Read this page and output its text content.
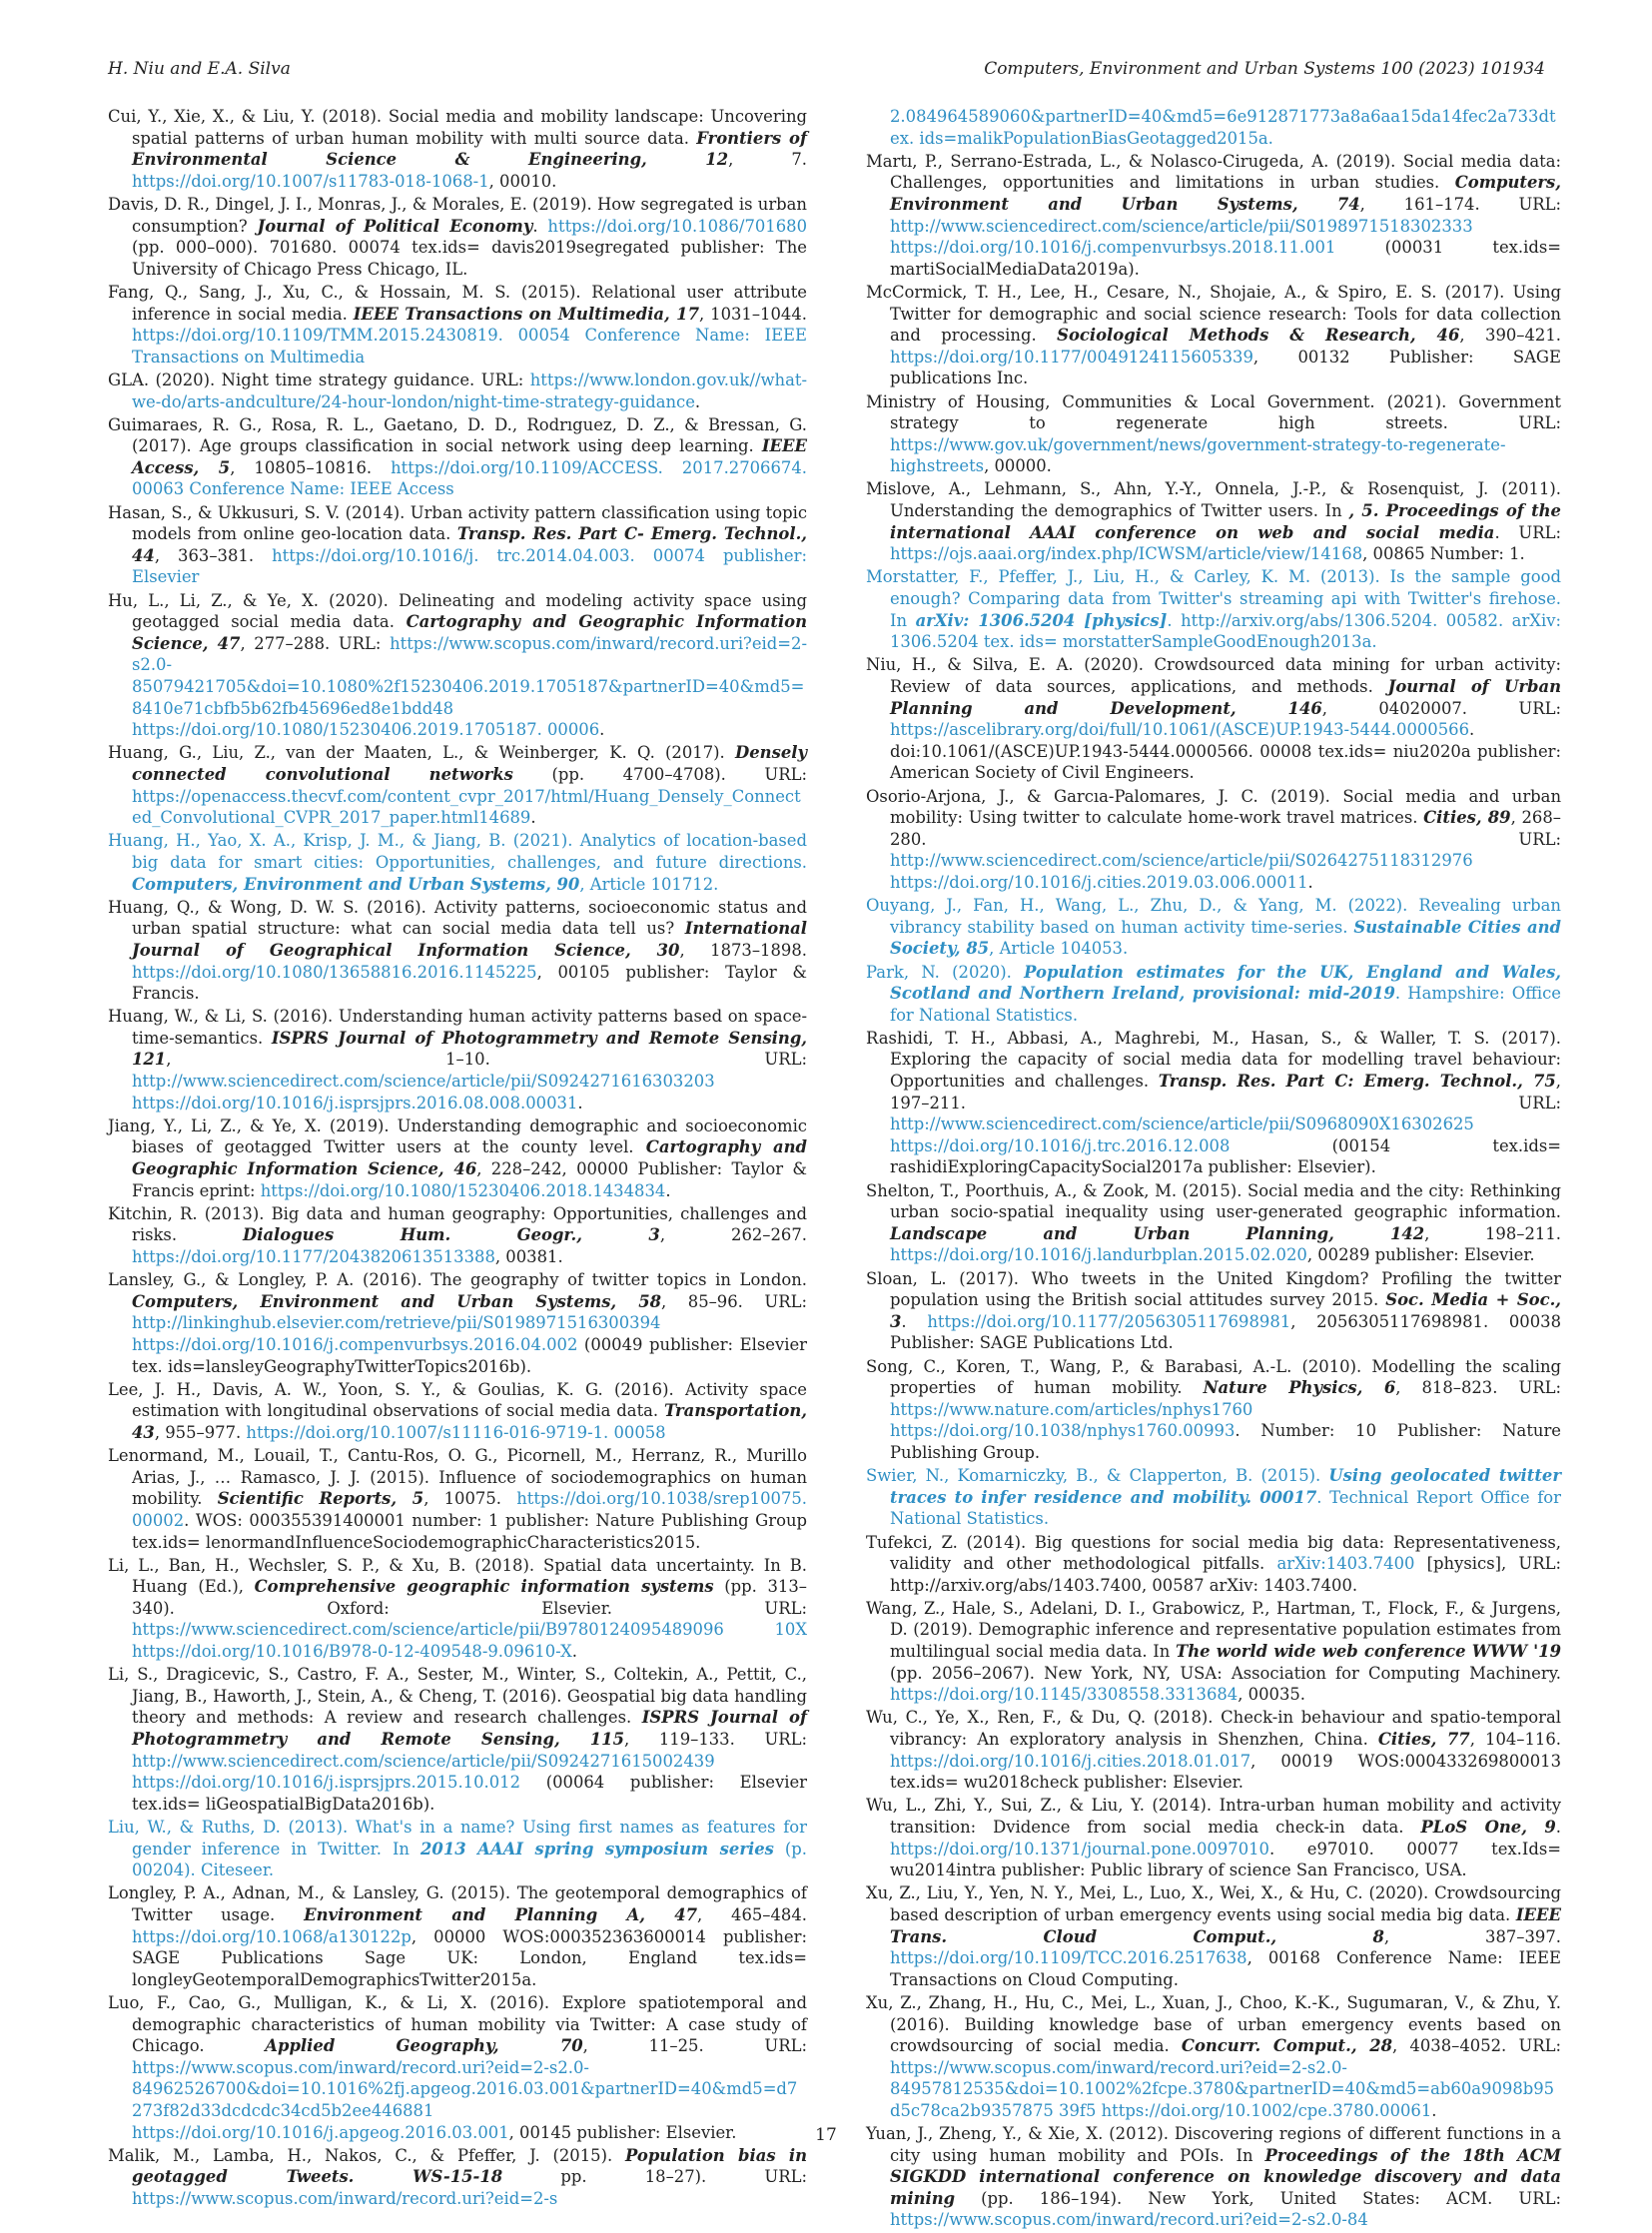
H. Niu and E.A. Silva	Computers, Environment and Urban Systems 100 (2023) 101934
Cui, Y., Xie, X., & Liu, Y. (2018). Social media and mobility landscape: Uncovering spatial patterns of urban human mobility with multi source data. Frontiers of Environmental Science & Engineering, 12, 7. https://doi.org/10.1007/s11783-018-1068-1, 00010.
Davis, D. R., Dingel, J. I., Monras, J., & Morales, E. (2019). How segregated is urban consumption? Journal of Political Economy. https://doi.org/10.1086/701680 (pp. 000–000). 701680. 00074 tex.ids= davis2019segregated publisher: The University of Chicago Press Chicago, IL.
Fang, Q., Sang, J., Xu, C., & Hossain, M. S. (2015). Relational user attribute inference in social media. IEEE Transactions on Multimedia, 17, 1031–1044. https://doi.org/10.1109/TMM.2015.2430819. 00054 Conference Name: IEEE Transactions on Multimedia
GLA. (2020). Night time strategy guidance. URL: https://www.london.gov.uk//what-we-do/arts-andculture/24-hour-london/night-time-strategy-guidance.
Guimaraes, R. G., Rosa, R. L., Gaetano, D. D., Rodrıguez, D. Z., & Bressan, G. (2017). Age groups classification in social network using deep learning. IEEE Access, 5, 10805–10816. https://doi.org/10.1109/ACCESS. 2017.2706674. 00063 Conference Name: IEEE Access
Hasan, S., & Ukkusuri, S. V. (2014). Urban activity pattern classification using topic models from online geo-location data. Transp. Res. Part C- Emerg. Technol., 44, 363–381. https://doi.org/10.1016/j. trc.2014.04.003. 00074 publisher: Elsevier
Hu, L., Li, Z., & Ye, X. (2020). Delineating and modeling activity space using geotagged social media data. Cartography and Geographic Information Science, 47, 277–288. URL: https://www.scopus.com/inward/record.uri?eid=2-s2.0-85079421705&doi=10.1080%2f15230406.2019.1705187&partnerID=40&md5=8410e71cbfb5b62fb45696ed8e1bdd48 https://doi.org/10.1080/15230406.2019.1705187. 00006.
Huang, G., Liu, Z., van der Maaten, L., & Weinberger, K. Q. (2017). Densely connected convolutional networks (pp. 4700–4708). URL: https://openaccess.thecvf.com/content_cvpr_2017/html/Huang_Densely_Connected_Convolutional_CVPR_2017_paper.html14689.
Huang, H., Yao, X. A., Krisp, J. M., & Jiang, B. (2021). Analytics of location-based big data for smart cities: Opportunities, challenges, and future directions. Computers, Environment and Urban Systems, 90, Article 101712.
Huang, Q., & Wong, D. W. S. (2016). Activity patterns, socioeconomic status and urban spatial structure: what can social media data tell us? International Journal of Geographical Information Science, 30, 1873–1898. https://doi.org/10.1080/13658816.2016.1145225, 00105 publisher: Taylor & Francis.
Huang, W., & Li, S. (2016). Understanding human activity patterns based on space-time-semantics. ISPRS Journal of Photogrammetry and Remote Sensing, 121, 1–10. URL: http://www.sciencedirect.com/science/article/pii/S0924271616303203 https://doi.org/10.1016/j.isprsjprs.2016.08.008.00031.
Jiang, Y., Li, Z., & Ye, X. (2019). Understanding demographic and socioeconomic biases of geotagged Twitter users at the county level. Cartography and Geographic Information Science, 46, 228–242, 00000 Publisher: Taylor & Francis eprint: https://doi.org/10.1080/15230406.2018.1434834.
Kitchin, R. (2013). Big data and human geography: Opportunities, challenges and risks. Dialogues Hum. Geogr., 3, 262–267. https://doi.org/10.1177/2043820613513388, 00381.
Lansley, G., & Longley, P. A. (2016). The geography of twitter topics in London. Computers, Environment and Urban Systems, 58, 85–96. URL: http://linkinghub.elsevier.com/retrieve/pii/S0198971516300394 https://doi.org/10.1016/j.compenvurbsys.2016.04.002 (00049 publisher: Elsevier tex. ids=lansleyGeographyTwitterTopics2016b).
Lee, J. H., Davis, A. W., Yoon, S. Y., & Goulias, K. G. (2016). Activity space estimation with longitudinal observations of social media data. Transportation, 43, 955–977. https://doi.org/10.1007/s11116-016-9719-1. 00058
Lenormand, M., Louail, T., Cantu-Ros, O. G., Picornell, M., Herranz, R., Murillo Arias, J., … Ramasco, J. J. (2015). Influence of sociodemographics on human mobility. Scientific Reports, 5, 10075. https://doi.org/10.1038/srep10075. 00002. WOS: 000355391400001 number: 1 publisher: Nature Publishing Group tex.ids= lenormandInfluenceSociodemographicCharacteristics2015.
Li, L., Ban, H., Wechsler, S. P., & Xu, B. (2018). Spatial data uncertainty. In B. Huang (Ed.), Comprehensive geographic information systems (pp. 313–340). Oxford: Elsevier. URL: https://www.sciencedirect.com/science/article/pii/B9780124095489096 10X https://doi.org/10.1016/B978-0-12-409548-9.09610-X.
Li, S., Dragicevic, S., Castro, F. A., Sester, M., Winter, S., Coltekin, A., Pettit, C., Jiang, B., Haworth, J., Stein, A., & Cheng, T. (2016). Geospatial big data handling theory and methods: A review and research challenges. ISPRS Journal of Photogrammetry and Remote Sensing, 115, 119–133. URL: http://www.sciencedirect.com/science/article/pii/S0924271615002439 https://doi.org/10.1016/j.isprsjprs.2015.10.012 (00064 publisher: Elsevier tex.ids= liGeospatialBigData2016b).
Liu, W., & Ruths, D. (2013). What's in a name? Using first names as features for gender inference in Twitter. In 2013 AAAI spring symposium series (p. 00204). Citeseer.
Longley, P. A., Adnan, M., & Lansley, G. (2015). The geotemporal demographics of Twitter usage. Environment and Planning A, 47, 465–484. https://doi.org/10.1068/a130122p, 00000 WOS:000352363600014 publisher: SAGE Publications Sage UK: London, England tex.ids= longleyGeotemporalDemographicsTwitter2015a.
Luo, F., Cao, G., Mulligan, K., & Li, X. (2016). Explore spatiotemporal and demographic characteristics of human mobility via Twitter: A case study of Chicago. Applied Geography, 70, 11–25. URL: https://www.scopus.com/inward/record.uri?eid=2-s2.0-84962526700&doi=10.1016%2fj.apgeog.2016.03.001&partnerID=40&md5=d7273f82d33dcdcdc34cd5b2ee446881 https://doi.org/10.1016/j.apgeog.2016.03.001, 00145 publisher: Elsevier.
Malik, M., Lamba, H., Nakos, C., & Pfeffer, J. (2015). Population bias in geotagged Tweets. WS-15-18 pp. 18–27). URL: https://www.scopus.com/inward/record.uri?eid=2-s
2.084964589060&partnerID=40&md5=6e912871773a8a6aa15da14fec2a733dtex. ids=malikPopulationBiasGeotagged2015a.
Martı, P., Serrano-Estrada, L., & Nolasco-Cirugeda, A. (2019). Social media data: Challenges, opportunities and limitations in urban studies. Computers, Environment and Urban Systems, 74, 161–174. URL: http://www.sciencedirect.com/science/article/pii/S0198971518302333 https://doi.org/10.1016/j.compenvurbsys.2018.11.001 (00031 tex.ids= martiSocialMediaData2019a).
McCormick, T. H., Lee, H., Cesare, N., Shojaie, A., & Spiro, E. S. (2017). Using Twitter for demographic and social science research: Tools for data collection and processing. Sociological Methods & Research, 46, 390–421. https://doi.org/10.1177/0049124115605339, 00132 Publisher: SAGE publications Inc.
Ministry of Housing, Communities & Local Government. (2021). Government strategy to regenerate high streets. URL: https://www.gov.uk/government/news/government-strategy-to-regenerate-highstreets, 00000.
Mislove, A., Lehmann, S., Ahn, Y.-Y., Onnela, J.-P., & Rosenquist, J. (2011). Understanding the demographics of Twitter users. In , 5. Proceedings of the international AAAI conference on web and social media. URL: https://ojs.aaai.org/index.php/ICWSM/article/view/14168, 00865 Number: 1.
Morstatter, F., Pfeffer, J., Liu, H., & Carley, K. M. (2013). Is the sample good enough? Comparing data from Twitter's streaming api with Twitter's firehose. In arXiv: 1306.5204 [physics]. http://arxiv.org/abs/1306.5204. 00582. arXiv: 1306.5204 tex. ids= morstatterSampleGoodEnough2013a.
Niu, H., & Silva, E. A. (2020). Crowdsourced data mining for urban activity: Review of data sources, applications, and methods. Journal of Urban Planning and Development, 146, 04020007. URL: https://ascelibrary.org/doi/full/10.1061/(ASCE)UP.1943-5444.0000566. doi:10.1061/(ASCE)UP.1943-5444.0000566. 00008 tex.ids= niu2020a publisher: American Society of Civil Engineers.
Osorio-Arjona, J., & Garcıa-Palomares, J. C. (2019). Social media and urban mobility: Using twitter to calculate home-work travel matrices. Cities, 89, 268–280. URL: http://www.sciencedirect.com/science/article/pii/S0264275118312976 https://doi.org/10.1016/j.cities.2019.03.006.00011.
Ouyang, J., Fan, H., Wang, L., Zhu, D., & Yang, M. (2022). Revealing urban vibrancy stability based on human activity time-series. Sustainable Cities and Society, 85, Article 104053.
Park, N. (2020). Population estimates for the UK, England and Wales, Scotland and Northern Ireland, provisional: mid-2019. Hampshire: Office for National Statistics.
Rashidi, T. H., Abbasi, A., Maghrebi, M., Hasan, S., & Waller, T. S. (2017). Exploring the capacity of social media data for modelling travel behaviour: Opportunities and challenges. Transp. Res. Part C: Emerg. Technol., 75, 197–211. URL: http://www.sciencedirect.com/science/article/pii/S0968090X16302625 https://doi.org/10.1016/j.trc.2016.12.008 (00154 tex.ids= rashidiExploringCapacitySocial2017a publisher: Elsevier).
Shelton, T., Poorthuis, A., & Zook, M. (2015). Social media and the city: Rethinking urban socio-spatial inequality using user-generated geographic information. Landscape and Urban Planning, 142, 198–211. https://doi.org/10.1016/j.landurbplan.2015.02.020, 00289 publisher: Elsevier.
Sloan, L. (2017). Who tweets in the United Kingdom? Profiling the twitter population using the British social attitudes survey 2015. Soc. Media + Soc., 3. https://doi.org/10.1177/2056305117698981, 2056305117698981. 00038 Publisher: SAGE Publications Ltd.
Song, C., Koren, T., Wang, P., & Barabasi, A.-L. (2010). Modelling the scaling properties of human mobility. Nature Physics, 6, 818–823. URL: https://www.nature.com/articles/nphys1760 https://doi.org/10.1038/nphys1760.00993. Number: 10 Publisher: Nature Publishing Group.
Swier, N., Komarniczky, B., & Clapperton, B. (2015). Using geolocated twitter traces to infer residence and mobility. 00017. Technical Report Office for National Statistics.
Tufekci, Z. (2014). Big questions for social media big data: Representativeness, validity and other methodological pitfalls. arXiv:1403.7400 [physics], URL: http://arxiv.org/abs/1403.7400, 00587 arXiv: 1403.7400.
Wang, Z., Hale, S., Adelani, D. I., Grabowicz, P., Hartman, T., Flock, F., & Jurgens, D. (2019). Demographic inference and representative population estimates from multilingual social media data. In The world wide web conference WWW '19 (pp. 2056–2067). New York, NY, USA: Association for Computing Machinery. https://doi.org/10.1145/3308558.3313684, 00035.
Wu, C., Ye, X., Ren, F., & Du, Q. (2018). Check-in behaviour and spatio-temporal vibrancy: An exploratory analysis in Shenzhen, China. Cities, 77, 104–116. https://doi.org/10.1016/j.cities.2018.01.017, 00019 WOS:000433269800013 tex.ids= wu2018check publisher: Elsevier.
Wu, L., Zhi, Y., Sui, Z., & Liu, Y. (2014). Intra-urban human mobility and activity transition: Dvidence from social media check-in data. PLoS One, 9. https://doi.org/10.1371/journal.pone.0097010. e97010. 00077 tex.Ids= wu2014intra publisher: Public library of science San Francisco, USA.
Xu, Z., Liu, Y., Yen, N. Y., Mei, L., Luo, X., Wei, X., & Hu, C. (2020). Crowdsourcing based description of urban emergency events using social media big data. IEEE Trans. Cloud Comput., 8, 387–397. https://doi.org/10.1109/TCC.2016.2517638, 00168 Conference Name: IEEE Transactions on Cloud Computing.
Xu, Z., Zhang, H., Hu, C., Mei, L., Xuan, J., Choo, K.-K., Sugumaran, V., & Zhu, Y. (2016). Building knowledge base of urban emergency events based on crowdsourcing of social media. Concurr. Comput., 28, 4038–4052. URL: https://www.scopus.com/inward/record.uri?eid=2-s2.0-84957812535&doi=10.1002%2fcpe.3780&partnerID=40&md5=ab60a9098b95d5c78ca2b9357875 39f5 https://doi.org/10.1002/cpe.3780.00061.
Yuan, J., Zheng, Y., & Xie, X. (2012). Discovering regions of different functions in a city using human mobility and POIs. In Proceedings of the 18th ACM SIGKDD international conference on knowledge discovery and data mining (pp. 186–194). New York, United States: ACM. URL: https://www.scopus.com/inward/record.uri?eid=2-s2.0-84
17
